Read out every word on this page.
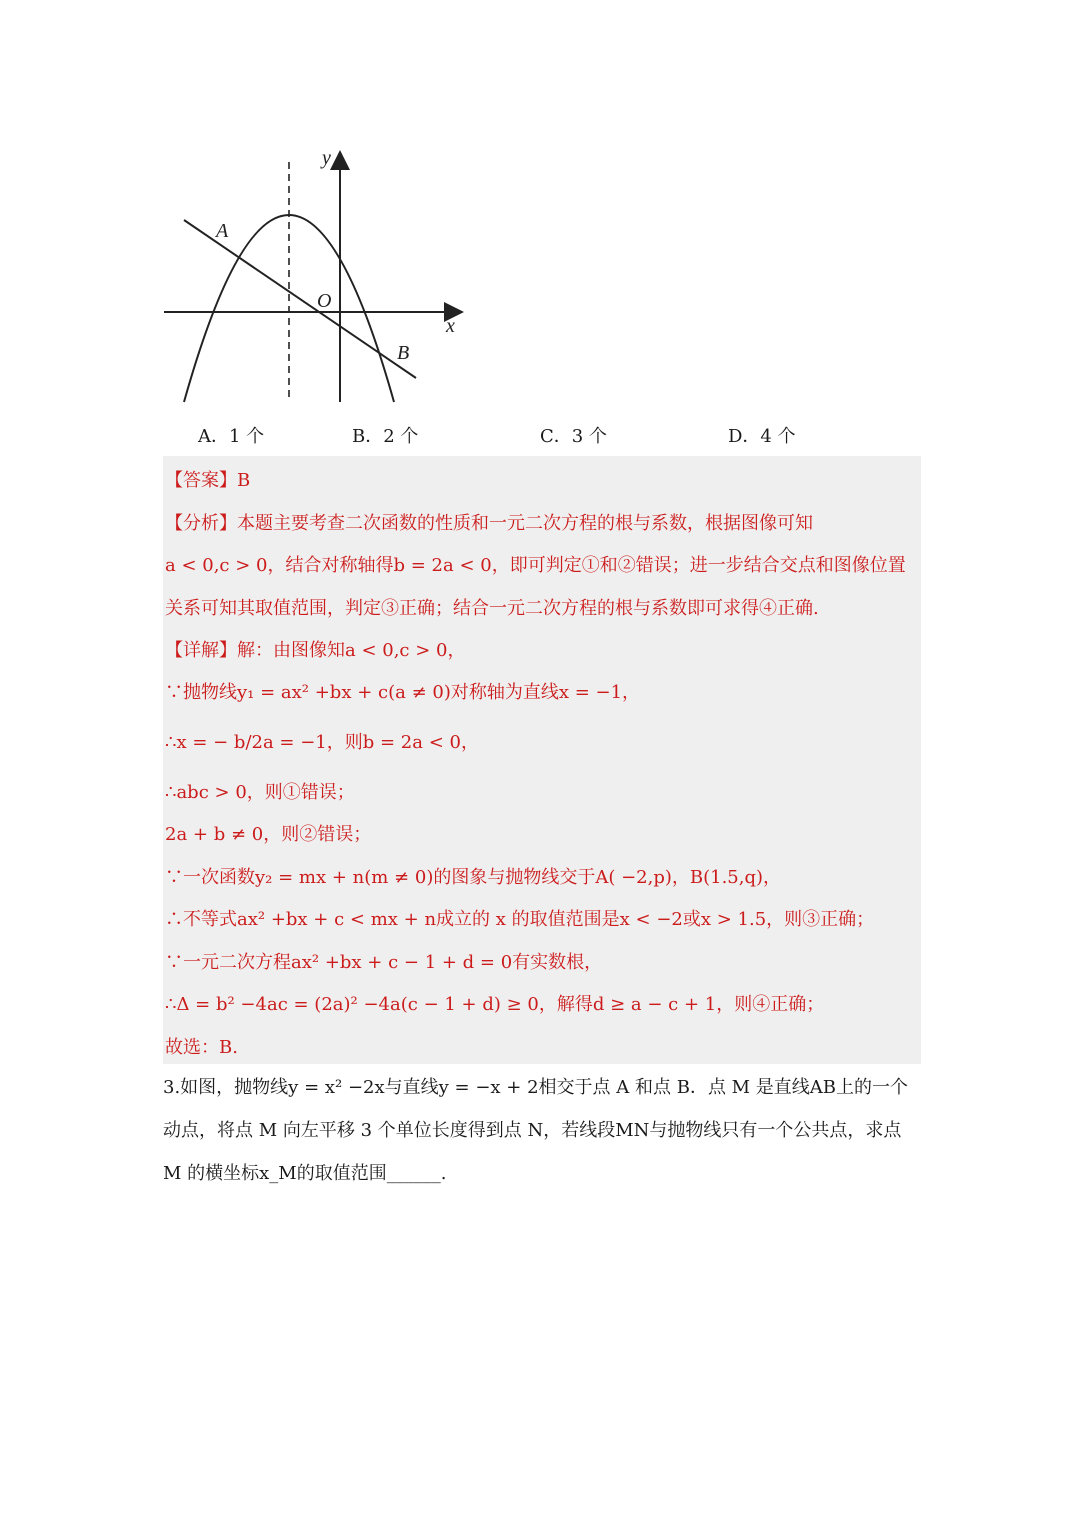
y
x
O
A
B
A．1 个	B．2 个	C．3 个	D．4 个
【答案】B
【分析】本题主要考查二次函数的性质和一元二次方程的根与系数，根据图像可知
a < 0,c > 0，结合对称轴得b = 2a < 0，即可判定①和②错误；进一步结合交点和图像位置
关系可知其取值范围，判定③正确；结合一元二次方程的根与系数即可求得④正确.
【详解】解：由图像知a < 0,c > 0，
∵抛物线y₁ = ax² +bx + c(a ≠ 0)对称轴为直线x = −1，
∴x = − b/2a = −1，则b = 2a < 0，
∴abc > 0，则①错误；
2a + b ≠ 0，则②错误；
∵一次函数y₂ = mx + n(m ≠ 0)的图象与抛物线交于A( −2,p)，B(1.5,q)，
∴不等式ax² +bx + c < mx + n成立的 x 的取值范围是x < −2或x > 1.5，则③正确；
∵一元二次方程ax² +bx + c − 1 + d = 0有实数根，
∴Δ = b² −4ac = (2a)² −4a(c − 1 + d) ≥ 0，解得d ≥ a − c + 1，则④正确；
故选：B.
3.如图，抛物线y = x² −2x与直线y = −x + 2相交于点 A 和点 B．点 M 是直线AB上的一个
动点，将点 M 向左平移 3 个单位长度得到点 N，若线段MN与抛物线只有一个公共点，求点
M 的横坐标x_M的取值范围______.
